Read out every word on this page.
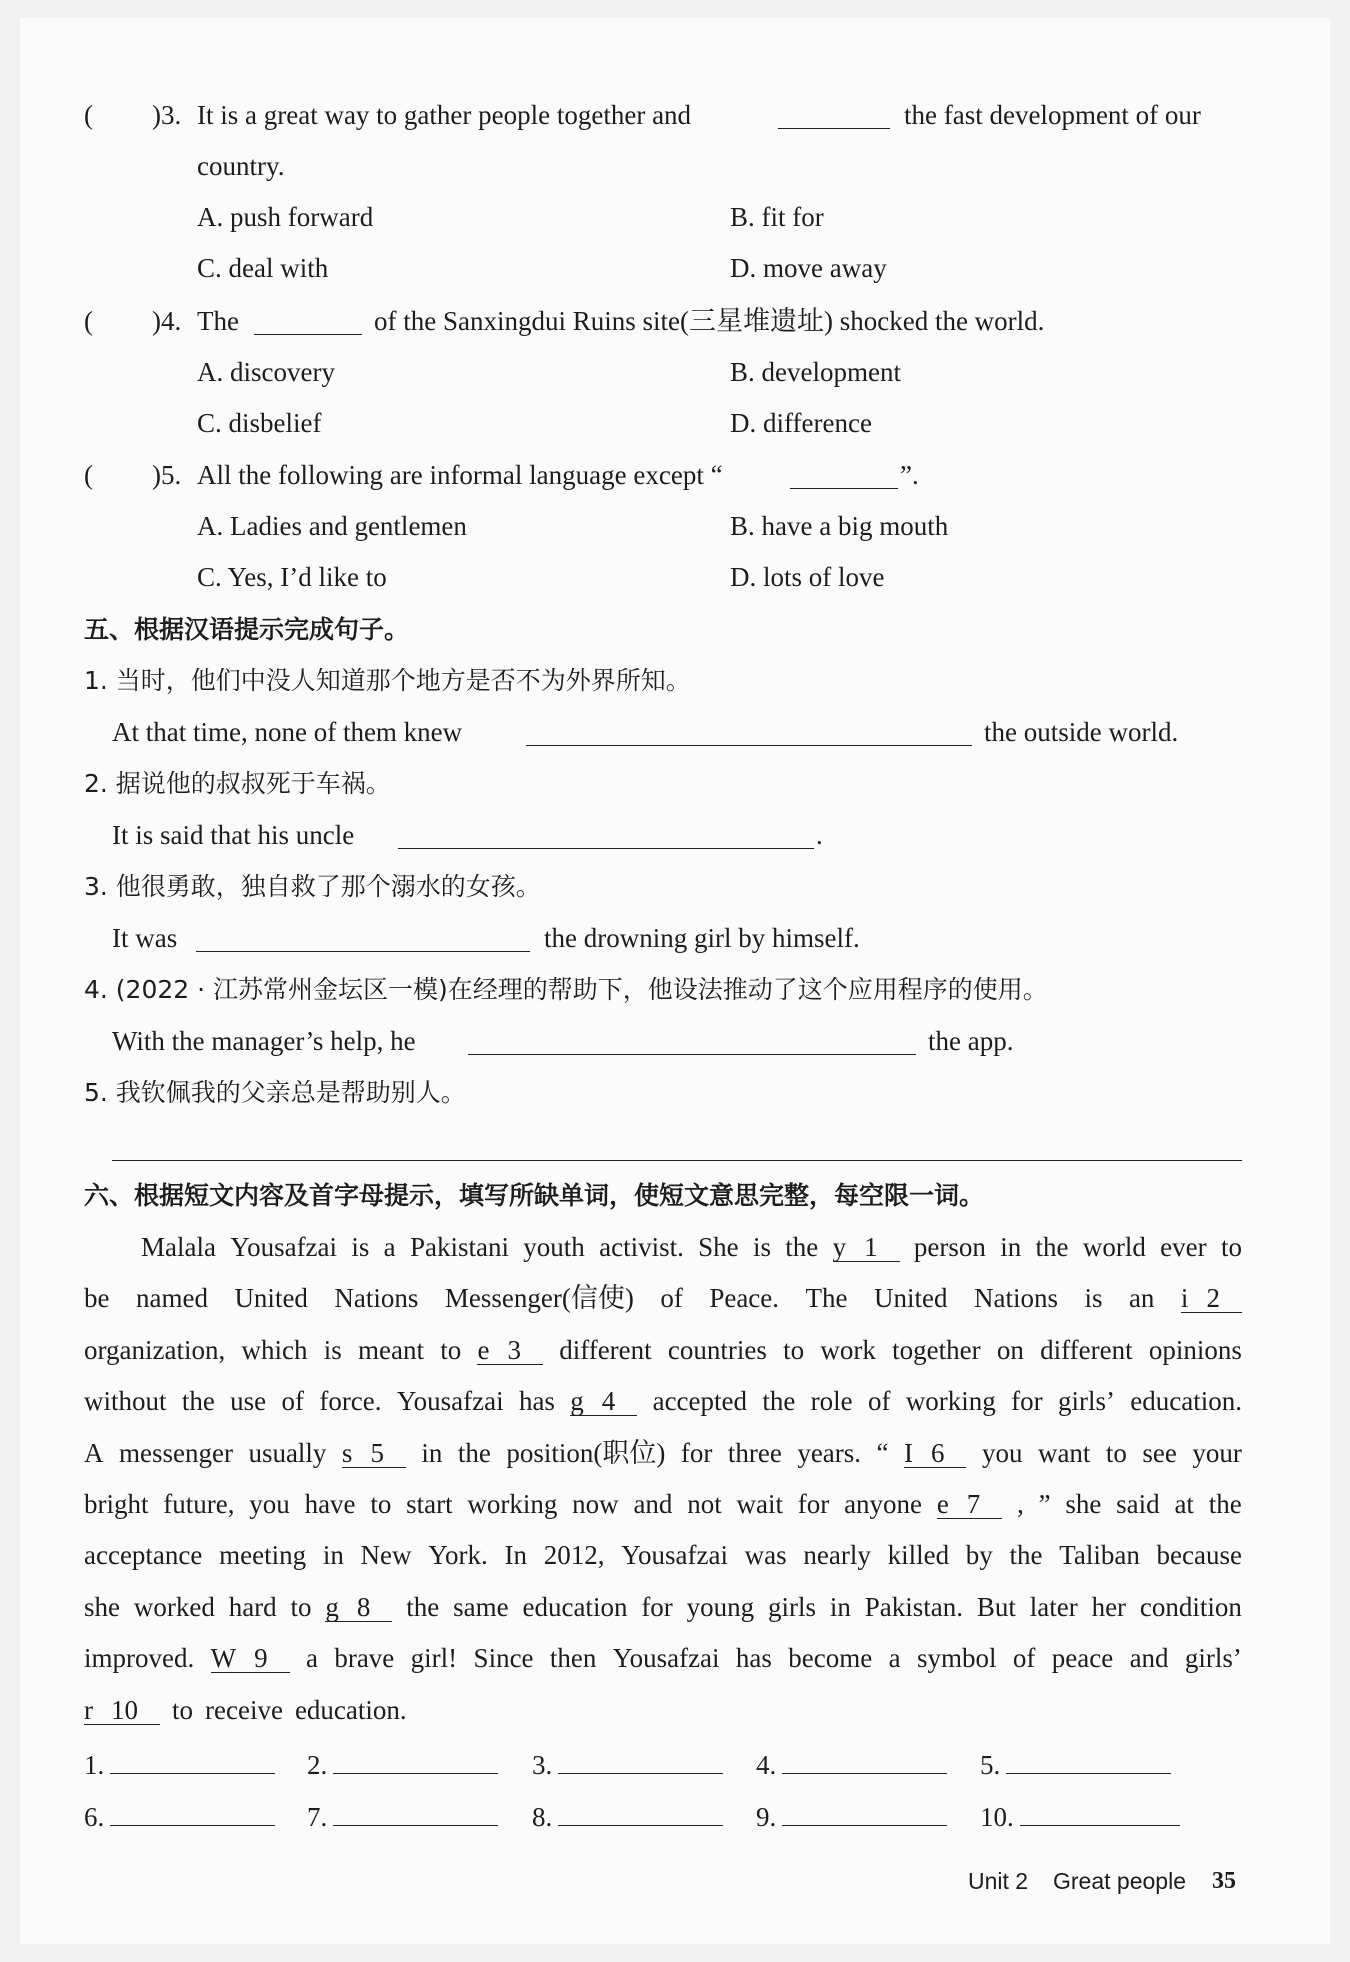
( )3. It is a great way to gather people together and	the fast development of our
country.
A. push forward	B. fit for
C. deal with	D. move away
( )4. The	of the Sanxingdui Ruins site(三星堆遗址) shocked the world.
A. discovery	B. development
C. disbelief	D. difference
( )5. All the following are informal language except “	”.
A. Ladies and gentlemen	B. have a big mouth
C. Yes, I’d like to	D. lots of love
五、根据汉语提示完成句子。
1. 当时，他们中没人知道那个地方是否不为外界所知。
At that time, none of them knew	the outside world.
2. 据说他的叔叔死于车祸。
It is said that his uncle	.
3. 他很勇敢，独自救了那个溺水的女孩。
It was	the drowning girl by himself.
4. (2022 · 江苏常州金坛区一模)在经理的帮助下，他设法推动了这个应用程序的使用。
With the manager’s help, he	the app.
5. 我钦佩我的父亲总是帮助别人。
六、根据短文内容及首字母提示，填写所缺单词，使短文意思完整，每空限一词。
Malala Yousafzai is a Pakistani youth activist. She is the y 1	person in the world ever to
be named United Nations Messenger(信使) of Peace. The United Nations is an i 2
organization, which is meant to e 3	different countries to work together on different opinions
without the use of force. Yousafzai has g 4	accepted the role of working for girls’ education.
A messenger usually s 5	in the position(职位) for three years. “ I 6	you want to see your
bright future, you have to start working now and not wait for anyone e 7	, ” she said at the
acceptance meeting in New York. In 2012, Yousafzai was nearly killed by the Taliban because
she worked hard to g 8	the same education for young girls in Pakistan. But later her condition
improved. W 9	a brave girl! Since then Yousafzai has become a symbol of peace and girls’
r 10 to receive education.
1.	2.	3.	4.	5.
6.	7.	8.	9.	10.
Unit 2 Great people 35
